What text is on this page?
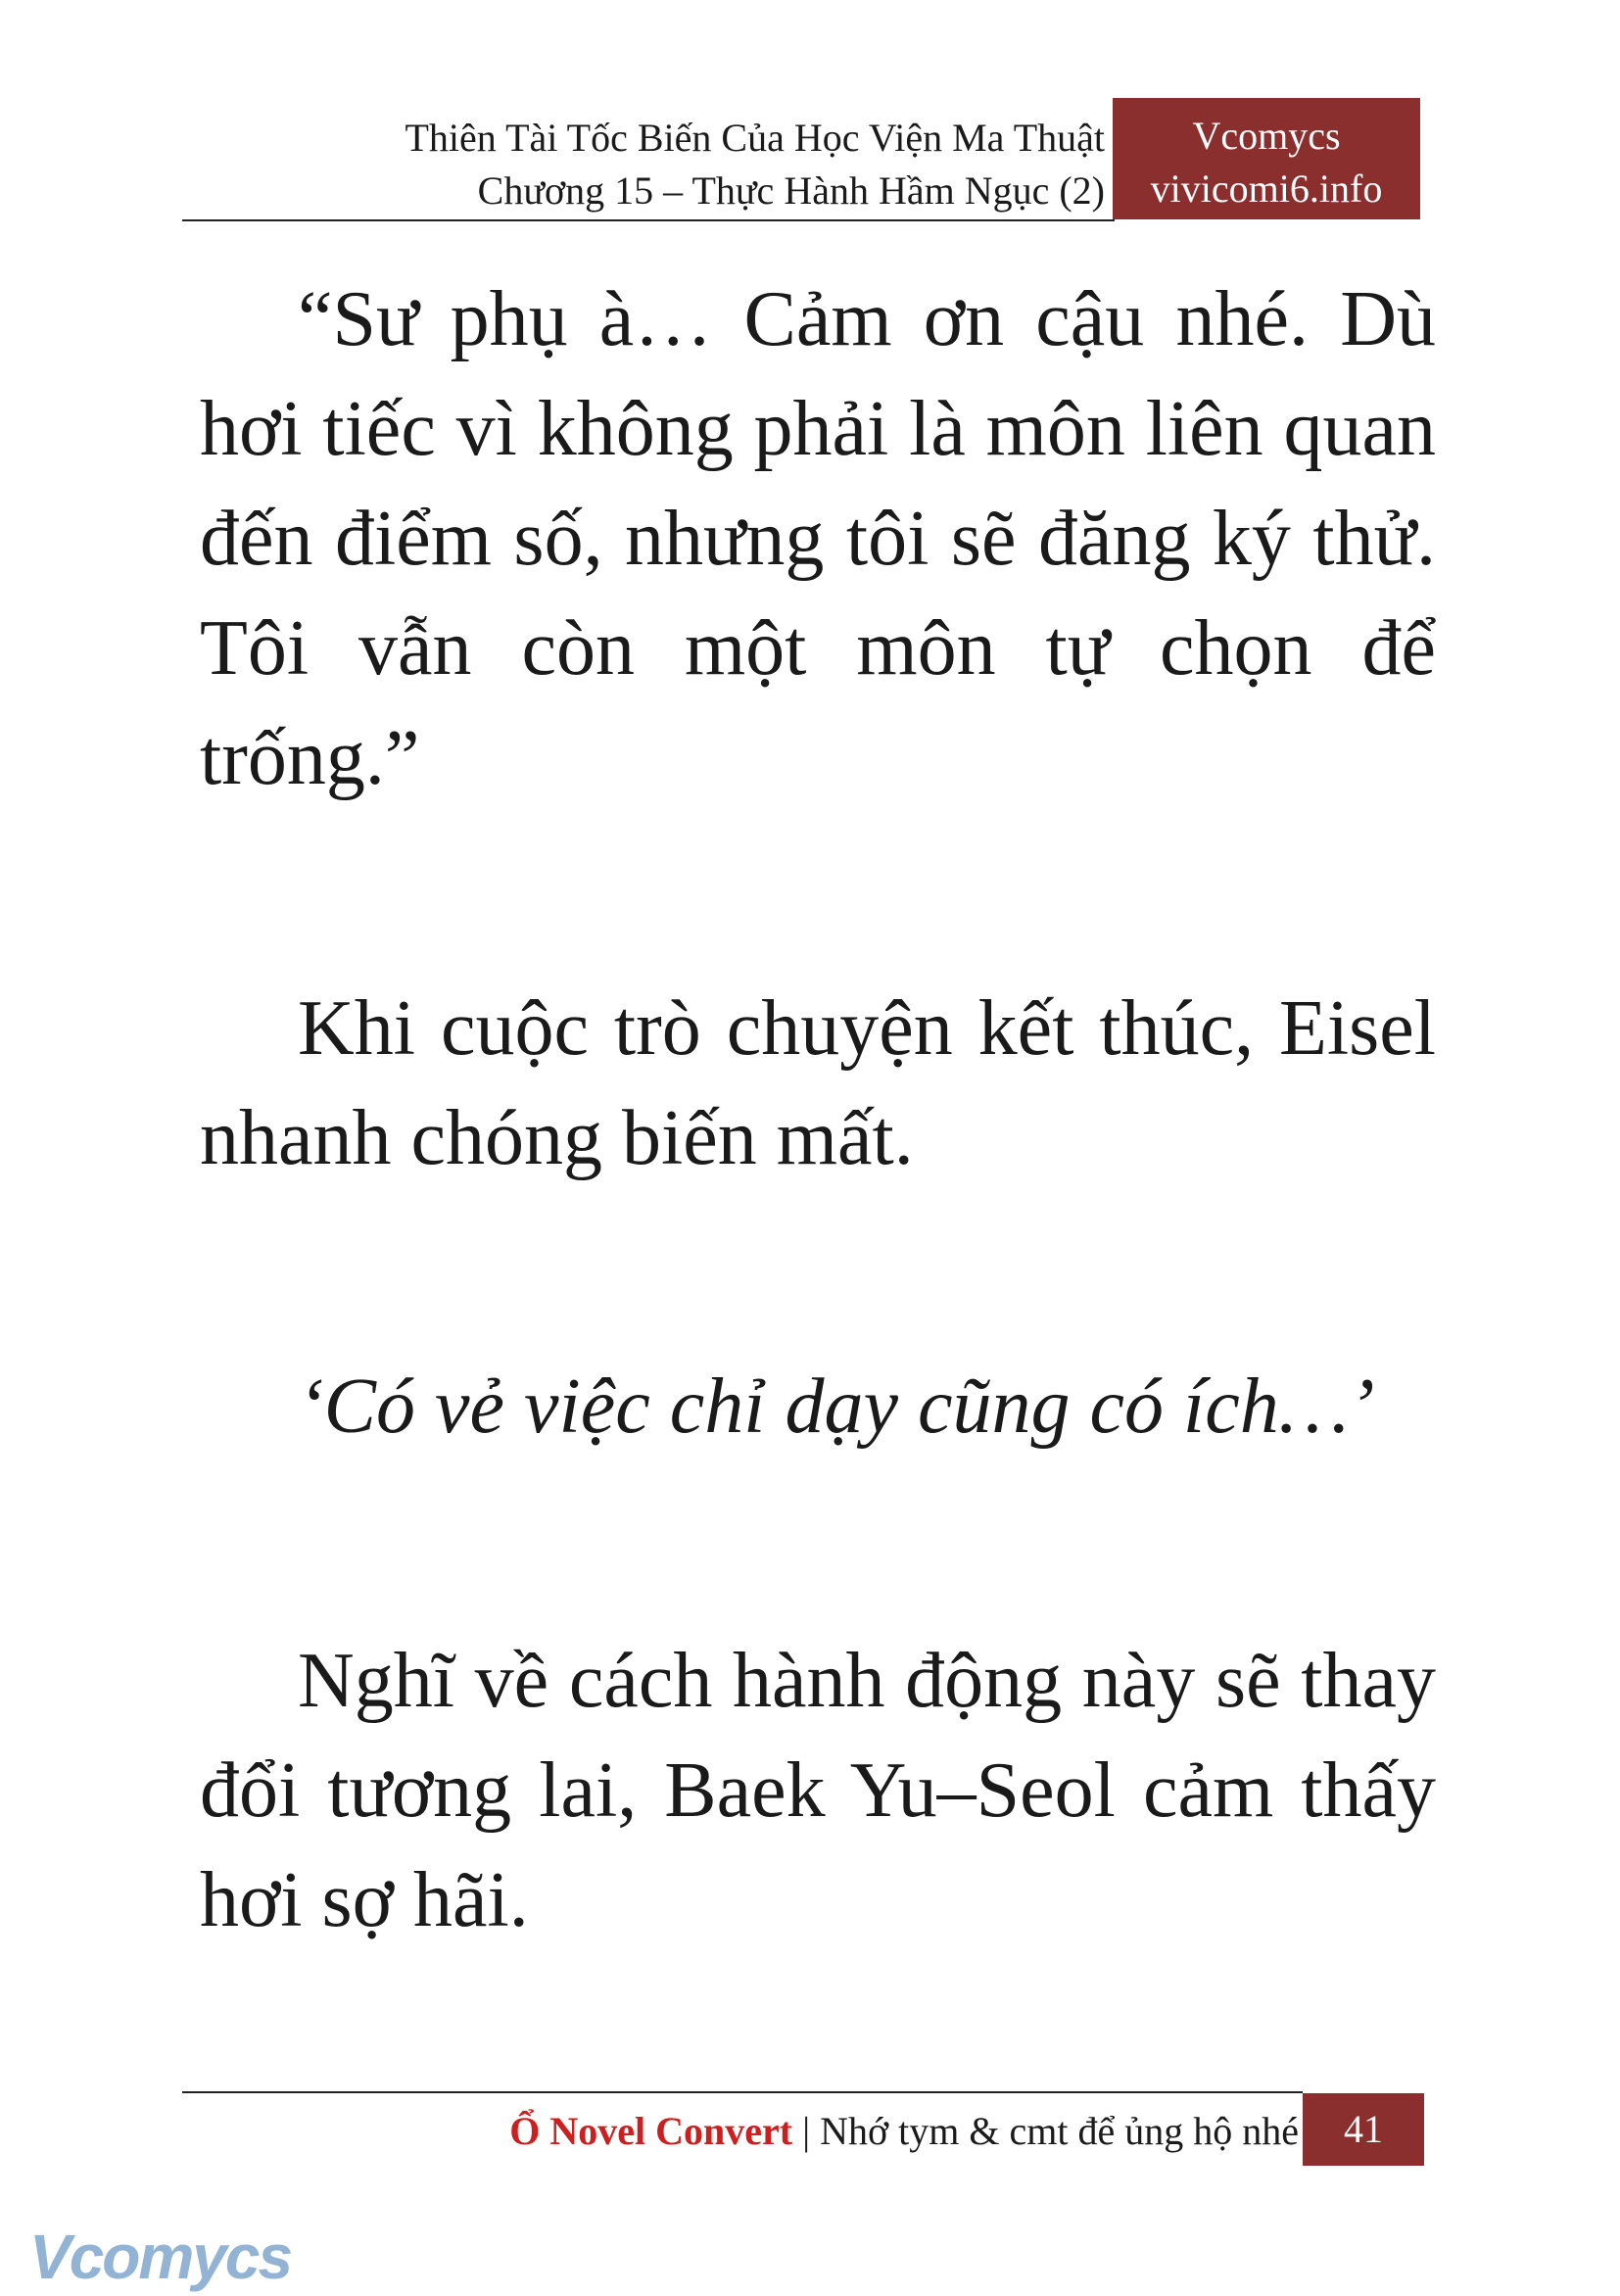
Thiên Tài Tốc Biến Của Học Viện Ma Thuật
Chương 15 – Thực Hành Hầm Ngục (2)
Vcomycs
vivicomi6.info

“Sư phụ à… Cảm ơn cậu nhé. Dù hơi tiếc vì không phải là môn liên quan đến điểm số, nhưng tôi sẽ đăng ký thử. Tôi vẫn còn một môn tự chọn để trống.”

Khi cuộc trò chuyện kết thúc, Eisel nhanh chóng biến mất.

‘Có vẻ việc chỉ dạy cũng có ích…’

Nghĩ về cách hành động này sẽ thay đổi tương lai, Baek Yu–Seol cảm thấy hơi sợ hãi.

Ổ Novel Convert | Nhớ tym & cmt để ủng hộ nhé	41
Vcomycs
